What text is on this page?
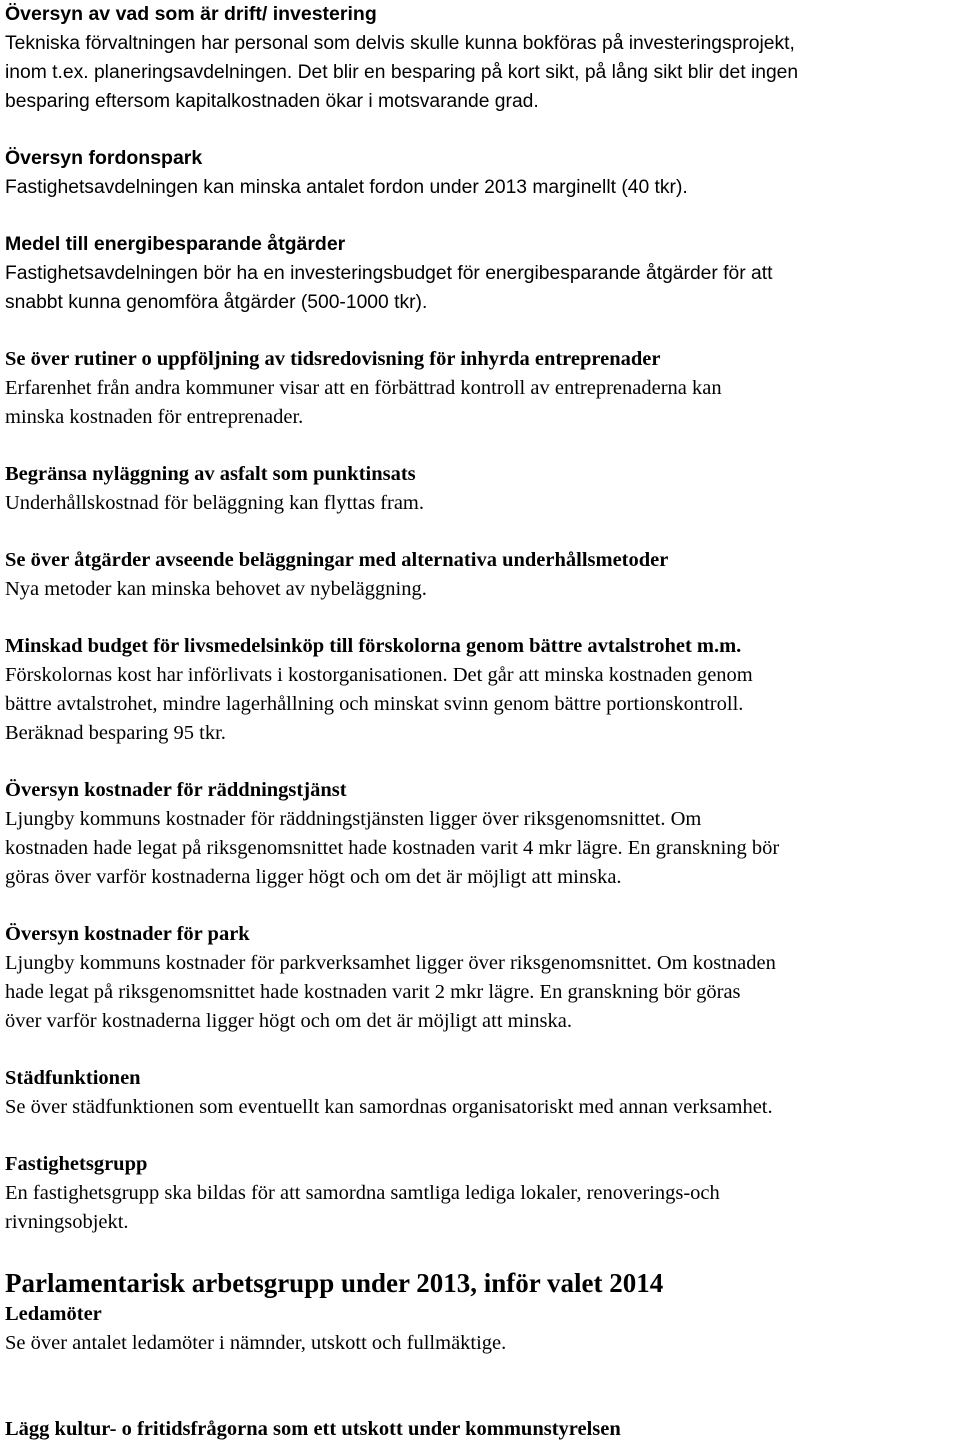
Översyn av vad som är drift/ investering

Tekniska förvaltningen har personal som delvis skulle kunna bokföras på investeringsprojekt,
inom t.ex. planeringsavdelningen. Det blir en besparing på kort sikt, på lång sikt blir det ingen
besparing eftersom kapitalkostnaden ökar i motsvarande grad.

Översyn fordonspark

Fastighetsavdelningen kan minska antalet fordon under 2013 marginellt (40 tkr).

Medel till energibesparande åtgärder

Fastighetsavdelningen bör ha en investeringsbudget för energibesparande åtgärder för att
snabbt kunna genomföra åtgärder (500-1000 tkr).

Se över rutiner o uppföljning av tidsredovisning för inhyrda entreprenader

Erfarenhet från andra kommuner visar att en förbättrad kontroll av entreprenaderna kan
minska kostnaden för entreprenader.

Begränsa nyläggning av asfalt som punktinsats

Underhållskostnad för beläggning kan flyttas fram.

Se över åtgärder avseende beläggningar med alternativa underhållsmetoder

Nya metoder kan minska behovet av nybeläggning.

Minskad budget för livsmedelsinköp till förskolorna genom bättre avtalstrohet m.m.

Förskolornas kost har införlivats i kostorganisationen. Det går att minska kostnaden genom
bättre avtalstrohet, mindre lagerhållning och minskat svinn genom bättre portionskontroll.
Beräknad besparing 95 tkr.

Översyn kostnader för räddningstjänst

Ljungby kommuns kostnader för räddningstjänsten ligger över riksgenomsnittet. Om
kostnaden hade legat på riksgenomsnittet hade kostnaden varit 4 mkr lägre. En granskning bör
göras över varför kostnaderna ligger högt och om det är möjligt att minska.

Översyn kostnader för park

Ljungby kommuns kostnader för parkverksamhet ligger över riksgenomsnittet. Om kostnaden
hade legat på riksgenomsnittet hade kostnaden varit 2 mkr lägre. En granskning bör göras
över varför kostnaderna ligger högt och om det är möjligt att minska.

Städfunktionen

Se över städfunktionen som eventuellt kan samordnas organisatoriskt med annan verksamhet.

Fastighetsgrupp

En fastighetsgrupp ska bildas för att samordna samtliga lediga lokaler, renoverings-och
rivningsobjekt.

Parlamentarisk arbetsgrupp under 2013, inför valet 2014

Ledamöter

Se över antalet ledamöter i nämnder, utskott och fullmäktige.

Lägg kultur- o fritidsfrågorna som ett utskott under kommunstyrelsen
